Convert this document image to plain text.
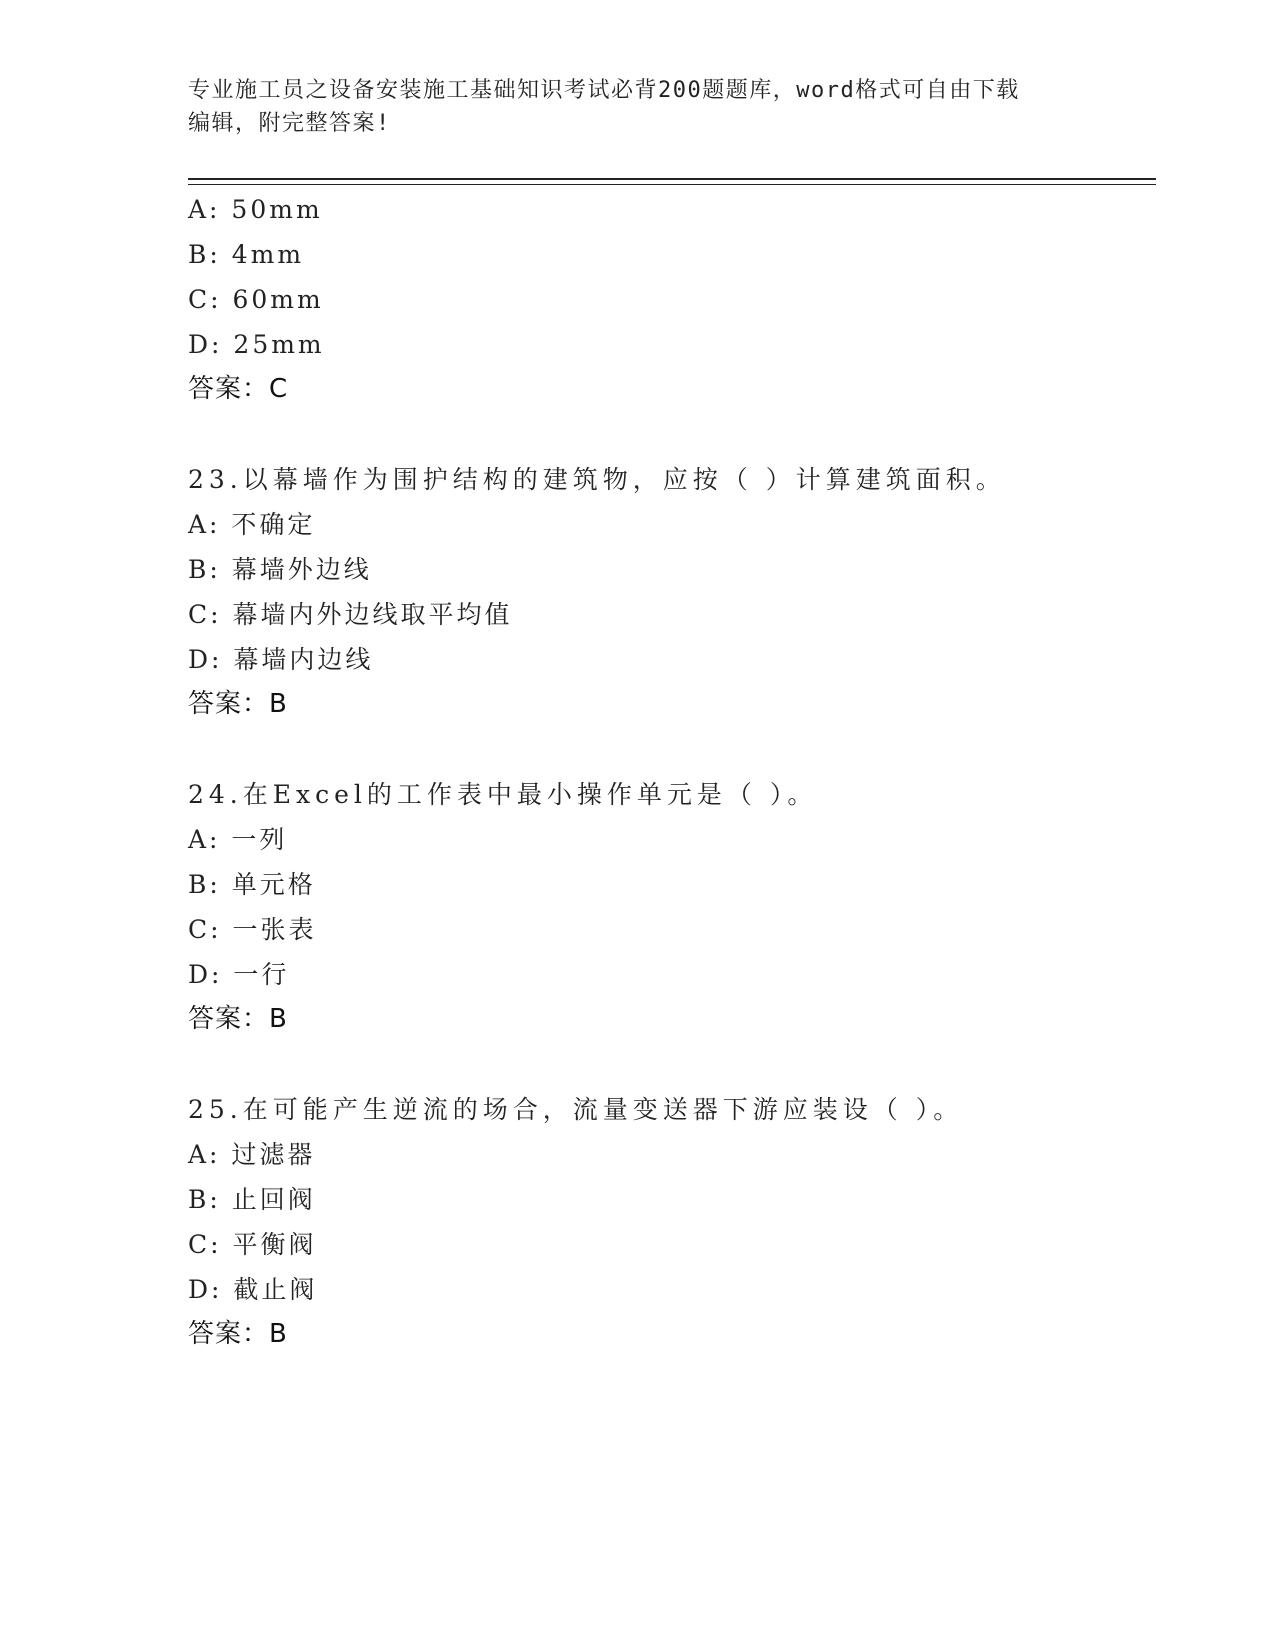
专业施工员之设备安装施工基础知识考试必背200题题库，word格式可自由下载
编辑，附完整答案!
A: 50mm
B: 4mm
C: 60mm
D: 25mm
答案：C
23.以幕墙作为围护结构的建筑物，应按（ ）计算建筑面积。
A: 不确定
B: 幕墙外边线
C: 幕墙内外边线取平均值
D: 幕墙内边线
答案：B
24.在Excel的工作表中最小操作单元是（ ）。
A: 一列
B: 单元格
C: 一张表
D: 一行
答案：B
25.在可能产生逆流的场合，流量变送器下游应装设（ ）。
A: 过滤器
B: 止回阀
C: 平衡阀
D: 截止阀
答案：B
